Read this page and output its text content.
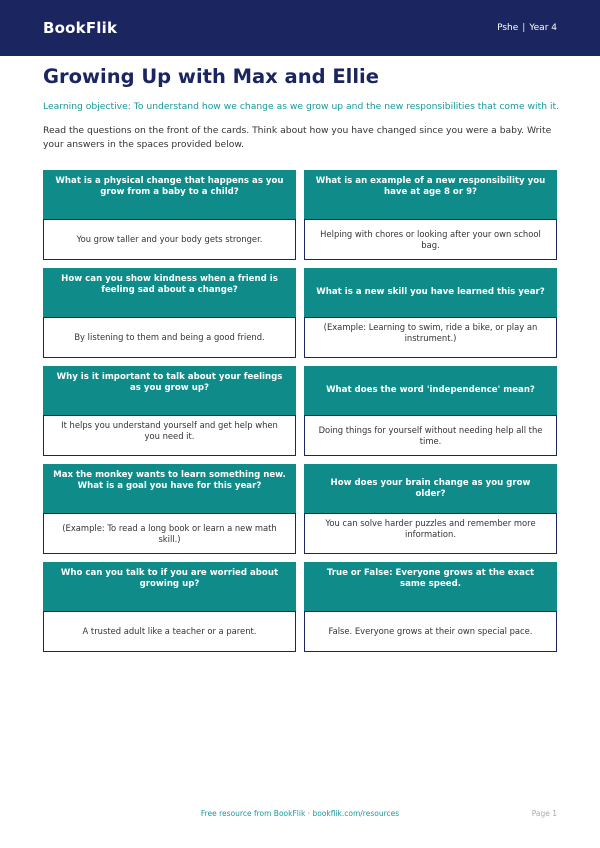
BookFlik	Pshe | Year 4
Growing Up with Max and Ellie
Learning objective: To understand how we change as we grow up and the new responsibilities that come with it.
Read the questions on the front of the cards. Think about how you have changed since you were a baby. Write your answers in the spaces provided below.
What is a physical change that happens as you grow from a baby to a child?
You grow taller and your body gets stronger.
What is an example of a new responsibility you have at age 8 or 9?
Helping with chores or looking after your own school bag.
How can you show kindness when a friend is feeling sad about a change?
By listening to them and being a good friend.
What is a new skill you have learned this year?
(Example: Learning to swim, ride a bike, or play an instrument.)
Why is it important to talk about your feelings as you grow up?
It helps you understand yourself and get help when you need it.
What does the word 'independence' mean?
Doing things for yourself without needing help all the time.
Max the monkey wants to learn something new. What is a goal you have for this year?
(Example: To read a long book or learn a new math skill.)
How does your brain change as you grow older?
You can solve harder puzzles and remember more information.
Who can you talk to if you are worried about growing up?
A trusted adult like a teacher or a parent.
True or False: Everyone grows at the exact same speed.
False. Everyone grows at their own special pace.
Free resource from BookFlik · bookflik.com/resources	Page 1
